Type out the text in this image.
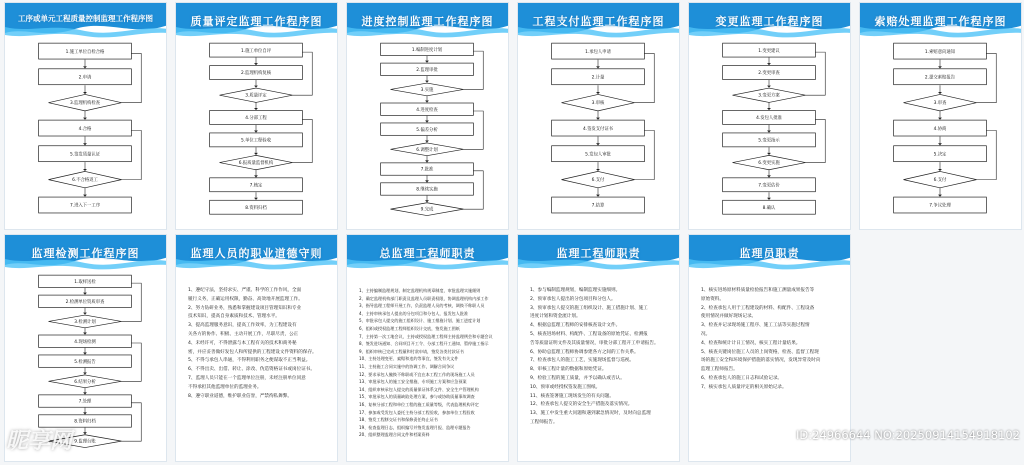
工序或单元工程质量控制监理工作程序图
1.施工单位自检合格
2.申请
3.监理机构检查
4.合格
5.签发质量认证
6.不合格返工
7.进入下一工序
质量评定监理工作程序图
1.施工单位自评
2.监理机构复核
3.质量评定
4.分部工程
5.单位工程验收
6.报质量监督机构
7.核定
8.资料归档
进度控制监理工作程序图
1.编制进度计划
2.监理审批
3.实施
4.进度检查
5.偏差分析
6.调整计划
7.批准
8.继续实施
9.完成
工程支付监理工作程序图
1.承包人申请
2.计量
3.审核
4.签发支付证书
5.发包人审批
6.支付
7.结算
变更监理工作程序图
1.变更建议
2.变更审查
3.变更方案
4.发包人批准
5.变更指示
6.变更实施
7.变更估价
8.确认
索赔处理监理工作程序图
1.索赔意向通知
2.提交索赔报告
3.审查
4.协商
5.决定
6.支付
7.争议处理
监理检测工作程序图
1.取样送检
2.检测单位资质审查
3.检测计划
4.现场检测
5.检测报告
6.结果分析
7.处理
8.资料归档
9.监理台账
监理人员的职业道德守则
1、遵纪守法，坚持求实、严谨、科学的工作作风，全面
履行义务，正确运用权限，勤奋、高效地开展监理工作。
2、努力钻研业务，熟悉和掌握建设项目管理知识和专业
技术知识，提高自身素质和技术、管理水平。
3、提高监理服务意识，提高工作效率，为工程建设有
关各方的协作、积极、主动开展工作，尽职尽责，公正
4、未经许可，不得泄露与本工程有关的技术和商务秘
密，并应妥善做好发包人和所提供的工程建设文件资料的保存。
5、不得与承包人串通，不得利用职务之便谋取不正当利益。
6、不得出卖、出借、转让、涂改、伪造资格证书或岗位证书。
7、监理人员只能在一个监理单位注册，未经注册单位同意
不得承担其他监理单位的监理业务。
8、遵守职业道德，维护职业信誉，严禁徇私舞弊。
总监理工程师职责
1、主持编制监理规划，制定监理机构规章制度，审批监理实施细则
2、确定监理机构部门职责及监理人员职责权限，协调监理机构内部工作
3、指导监理工程师开展工作，负责监理人员的考核，调换不称职人员
4、主持审核承包人提出的分包项目和分包人，报发包人批准
5、审批承包人提交的施工组织设计、施工措施计划、施工进度计划
6、组织或授权监理工程师组织设计交底，签发施工图纸
7、主持第一次工地会议，主持或授权监理工程师主持监理例会和专题会议
8、签发进场通知、合同项目开工令、分部工程开工通知、暂停施工指示
9、组织审核已完成工程量和付款申请，签发各类付款证书
10、主持处理变更、索赔和违约等事宜，签发有关文件
11、主持施工合同实施中的协调工作，调解合同争议
12、要求承包人撤换不称职或不宜在本工程工作的现场施工人员
13、审批承包人的施工安全措施、专项施工方案和应急预案
14、组织审核承包人提交的质量保证体系文件、安全生产管理机构
15、审批承包人的质量缺陷处理方案，参与或协助质量事故调查
16、复核分部工程和单位工程的施工质量等级，代表监理机构评定
17、参加或受发包人委托主持分部工程验收，参加单位工程验收
18、签发工程移交证书和保修责任终止证书
19、检查监理日志，组织编写并签发监理月报、监理专题报告
20、组织整理监理合同文件和档案资料
监理工程师职责
1、参与编制监理规划，编制监理实施细则。
2、预审承包人提出的分包项目和分包人。
3、预审承包人提交的施工组织设计、施工措施计划、施工
进度计划和资金流计划。
4、根据总监理工程师的安排核查设计文件。
5、核查进场材料、构配件、工程设备的原始凭证、检测报
告等质量证明文件及其质量情况，审批分部工程开工申请报告。
6、协助总监理工程师协调参建各方之间的工作关系。
7、检查承包人的施工工艺，实施现场监督与巡视。
8、审核工程计量的数据和原始凭证。
9、检验工程的施工质量，并予以确认或否认。
10、预审或经授权签发施工图纸。
11、核查签署施工现场发生的有关问题。
12、检查承包人提交的安全生产措施及落实情况。
13、施工中发生重大问题和遇到紧急情况时，及时向总监理
工程师报告。
监理员职责
1、核实进场原材料质量检验报告和施工测量成果报告等
原始资料。
2、检查承包人用于工程建设的材料、构配件、工程设备
使用情况并做好现场记录。
3、检查并记录现场施工程序、施工工法等实施过程情
况。
4、检查和统计计日工情况，核实工程计量结果。
5、核查关键岗位施工人员的上岗资格，检查、监督工程现
场的施工安全和环境保护措施的落实情况，发现异常及时向
监理工程师报告。
6、检查承包人的施工日志和试验记录。
7、核实承包人质量评定的相关原始记录。
昵享网	ID:24966644 NO:20250914154918102
